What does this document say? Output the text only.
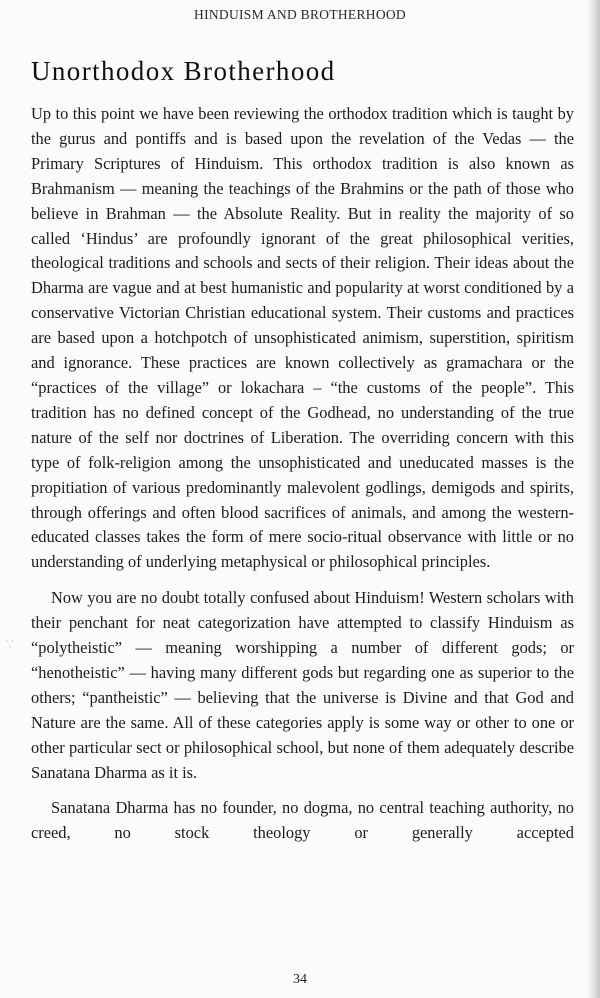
HINDUISM AND BROTHERHOOD
Unorthodox Brotherhood

Up to this point we have been reviewing the orthodox tradition which is taught by the gurus and pontiffs and is based upon the revelation of the Vedas — the Primary Scriptures of Hinduism. This orthodox tradition is also known as Brahmanism — meaning the teachings of the Brahmins or the path of those who believe in Brahman — the Absolute Reality. But in reality the majority of so called ‘Hindus’ are profoundly ignorant of the great philosophical verities, theological traditions and schools and sects of their religion. Their ideas about the Dharma are vague and at best humanistic and popularity at worst conditioned by a conservative Victorian Christian educational system. Their customs and practices are based upon a hotchpotch of unsophisticated animism, superstition, spiritism and ignorance. These practices are known collectively as gramachara or the “practices of the village” or lokachara – “the customs of the people”. This tradition has no defined concept of the Godhead, no understanding of the true nature of the self nor doctrines of Liberation. The overriding concern with this type of folk-religion among the unsophisticated and uneducated masses is the propitiation of various predominantly malevolent godlings, demigods and spirits, through offerings and often blood sacrifices of animals, and among the western-educated classes takes the form of mere socio-ritual observance with little or no understanding of underlying metaphysical or philosophical principles.

Now you are no doubt totally confused about Hinduism! Western scholars with their penchant for neat categorization have attempted to classify Hinduism as “polytheistic” — meaning worshipping a number of different gods; or “henotheistic” — having many different gods but regarding one as superior to the others; “pantheistic” — believing that the universe is Divine and that God and Nature are the same. All of these categories apply is some way or other to one or other particular sect or philosophical school, but none of them adequately describe Sanatana Dharma as it is.

Sanatana Dharma has no founder, no dogma, no central teaching authority, no creed, no stock theology or generally accepted

⸪
34
